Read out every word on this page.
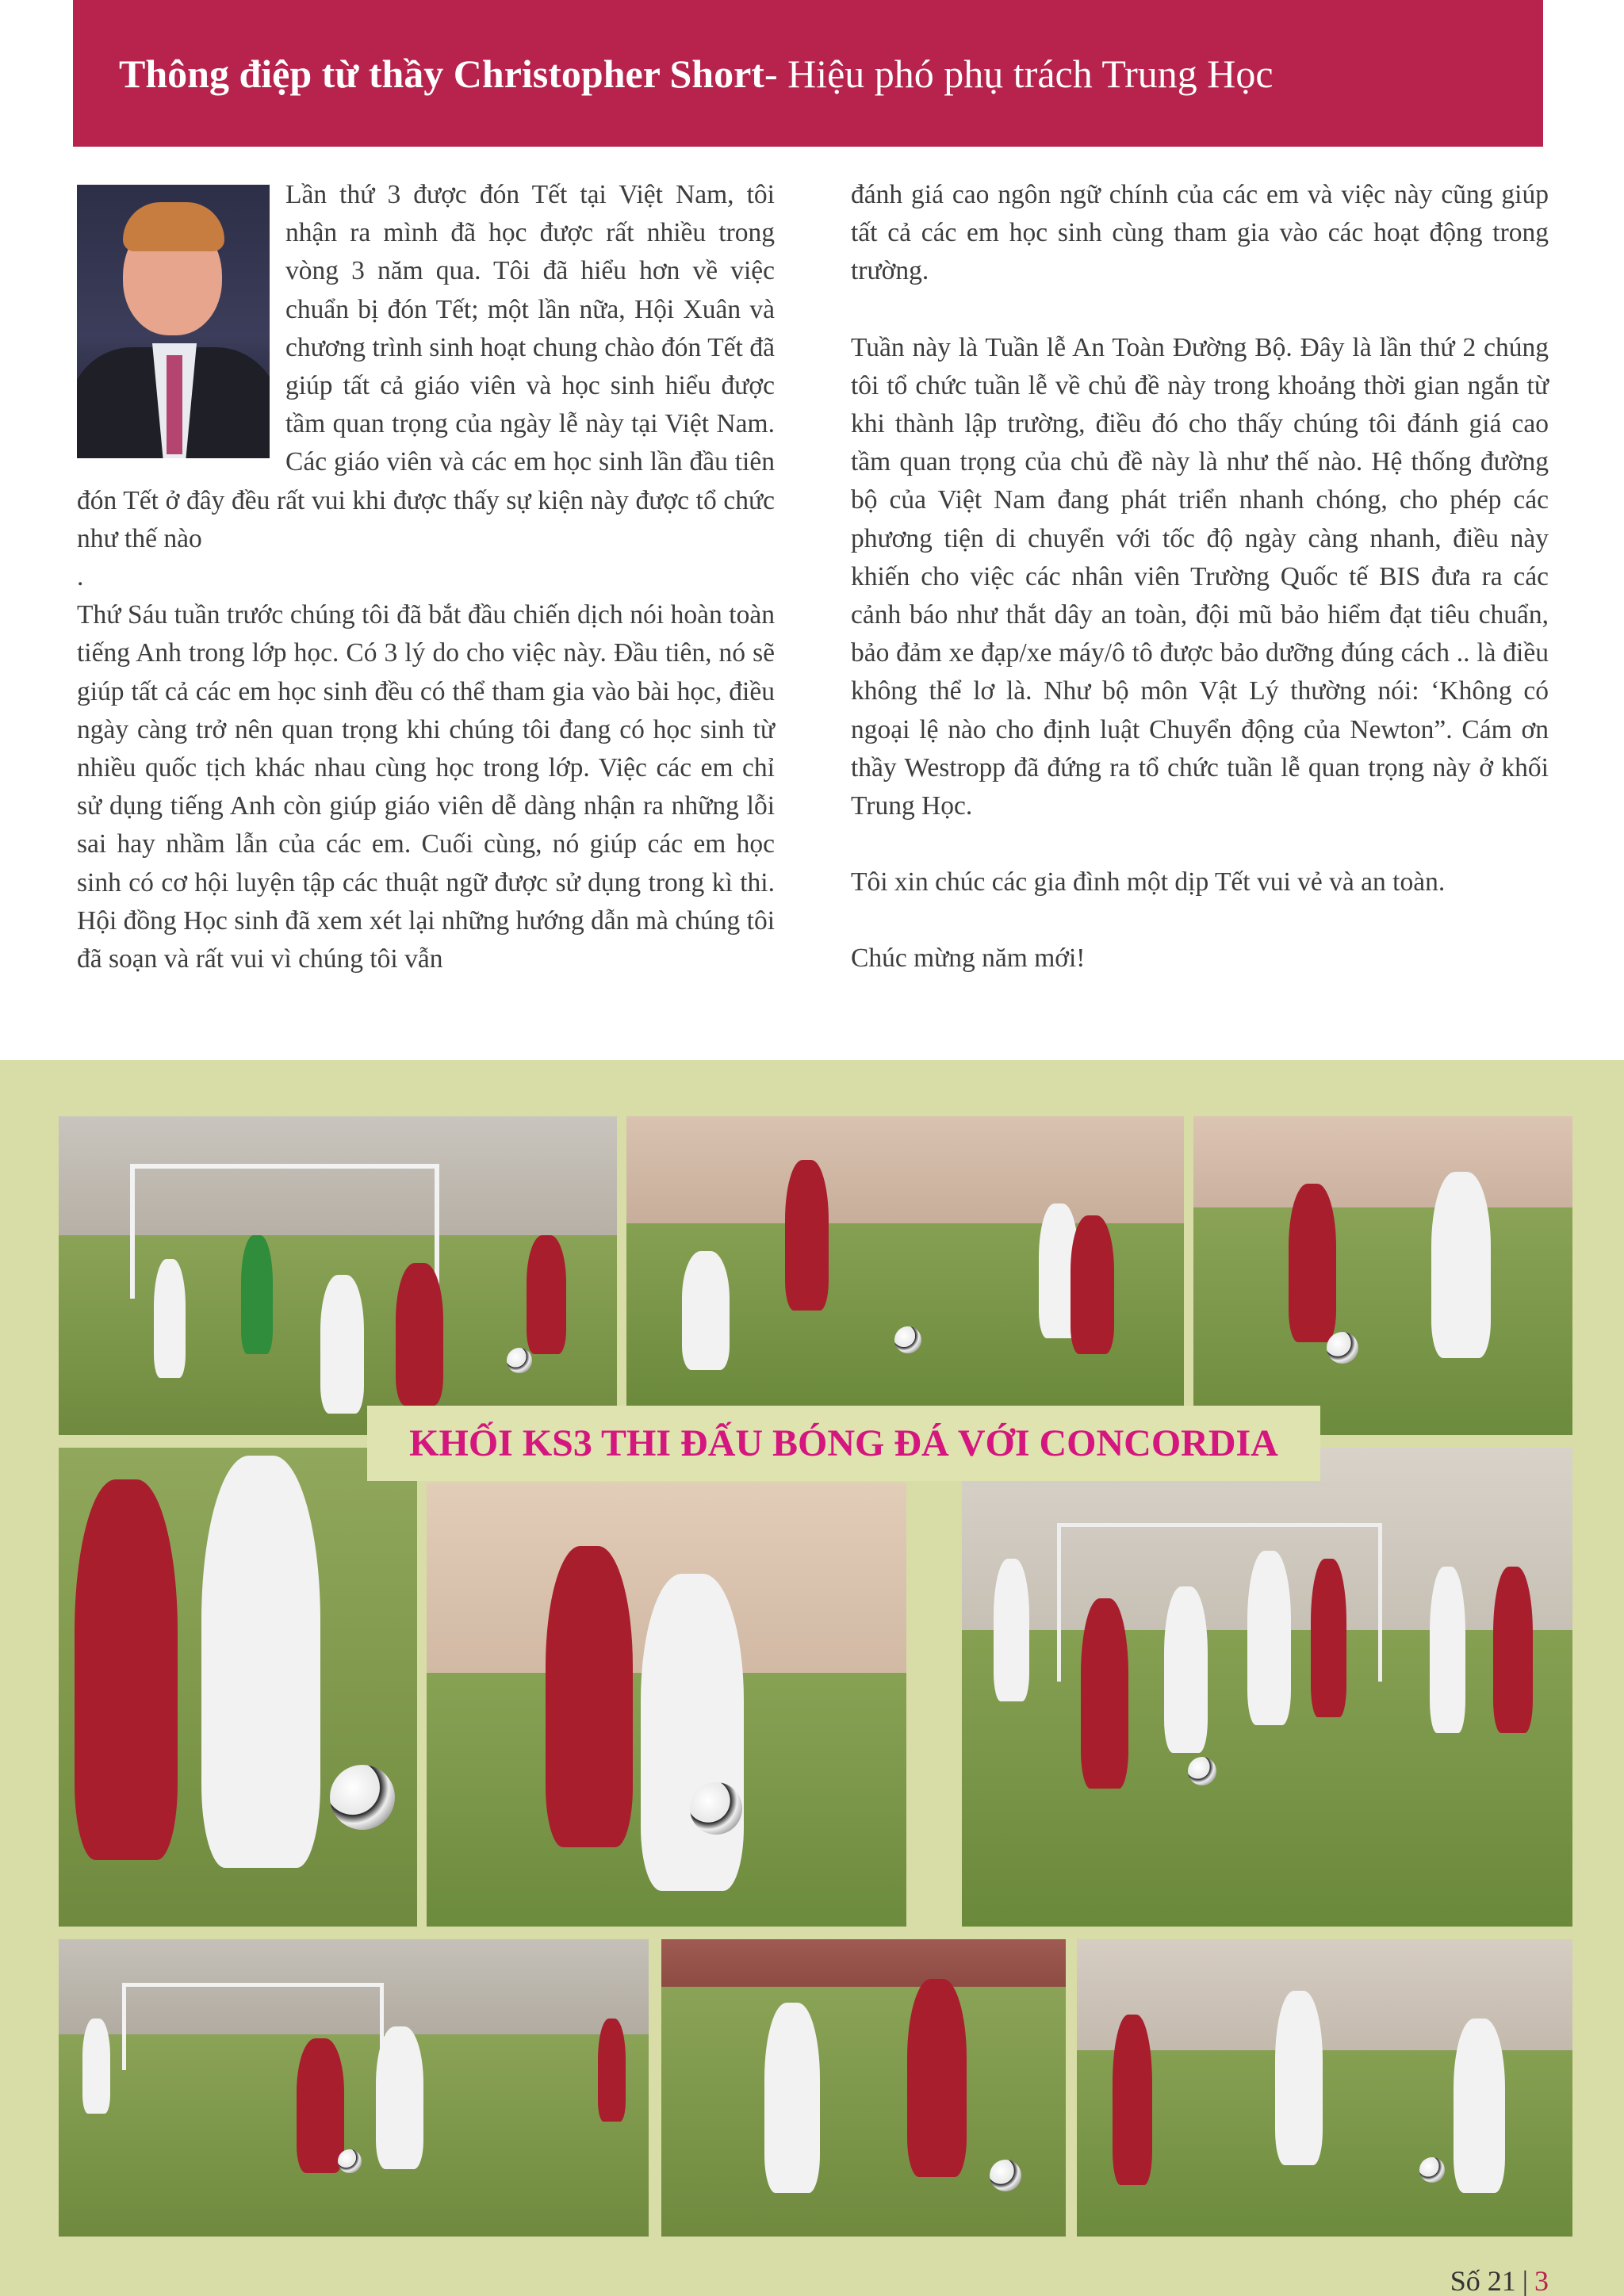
Thông điệp từ thầy Christopher Short - Hiệu phó phụ trách Trung Học
Lần thứ 3 được đón Tết tại Việt Nam, tôi nhận ra mình đã học được rất nhiều trong vòng 3 năm qua. Tôi đã hiểu hơn về việc chuẩn bị đón Tết; một lần nữa, Hội Xuân và chương trình sinh hoạt chung chào đón Tết đã giúp tất cả giáo viên và học sinh hiểu được tầm quan trọng của ngày lễ này tại Việt Nam. Các giáo viên và các em học sinh lần đầu tiên đón Tết ở đây đều rất vui khi được thấy sự kiện này được tổ chức như thế nào
.
Thứ Sáu tuần trước chúng tôi đã bắt đầu chiến dịch nói hoàn toàn tiếng Anh trong lớp học. Có 3 lý do cho việc này. Đầu tiên, nó sẽ giúp tất cả các em học sinh đều có thể tham gia vào bài học, điều ngày càng trở nên quan trọng khi chúng tôi đang có học sinh từ nhiều quốc tịch khác nhau cùng học trong lớp. Việc các em chỉ sử dụng tiếng Anh còn giúp giáo viên dễ dàng nhận ra những lỗi sai hay nhầm lẫn của các em. Cuối cùng, nó giúp các em học sinh có cơ hội luyện tập các thuật ngữ được sử dụng trong kì thi. Hội đồng Học sinh đã xem xét lại những hướng dẫn mà chúng tôi đã soạn và rất vui vì chúng tôi vẫn
đánh giá cao ngôn ngữ chính của các em và việc này cũng giúp tất cả các em học sinh cùng tham gia vào các hoạt động trong trường.
Tuần này là Tuần lễ An Toàn Đường Bộ. Đây là lần thứ 2 chúng tôi tổ chức tuần lễ về chủ đề này trong khoảng thời gian ngắn từ khi thành lập trường, điều đó cho thấy chúng tôi đánh giá cao tầm quan trọng của chủ đề này là như thế nào. Hệ thống đường bộ của Việt Nam đang phát triển nhanh chóng, cho phép các phương tiện di chuyển với tốc độ ngày càng nhanh, điều này khiến cho việc các nhân viên Trường Quốc tế BIS đưa ra các cảnh báo như thắt dây an toàn, đội mũ bảo hiểm đạt tiêu chuẩn, bảo đảm xe đạp/xe máy/ô tô được bảo dưỡng đúng cách .. là điều không thể lơ là. Như bộ môn Vật Lý thường nói: ‘Không có ngoại lệ nào cho định luật Chuyển động của Newton”. Cám ơn thầy Westropp đã đứng ra tổ chức tuần lễ quan trọng này ở khối Trung Học.
Tôi xin chúc các gia đình một dịp Tết vui vẻ và an toàn.
Chúc mừng năm mới!
KHỐI KS3 THI ĐẤU BÓNG ĐÁ VỚI CONCORDIA
Số 21 | 3
